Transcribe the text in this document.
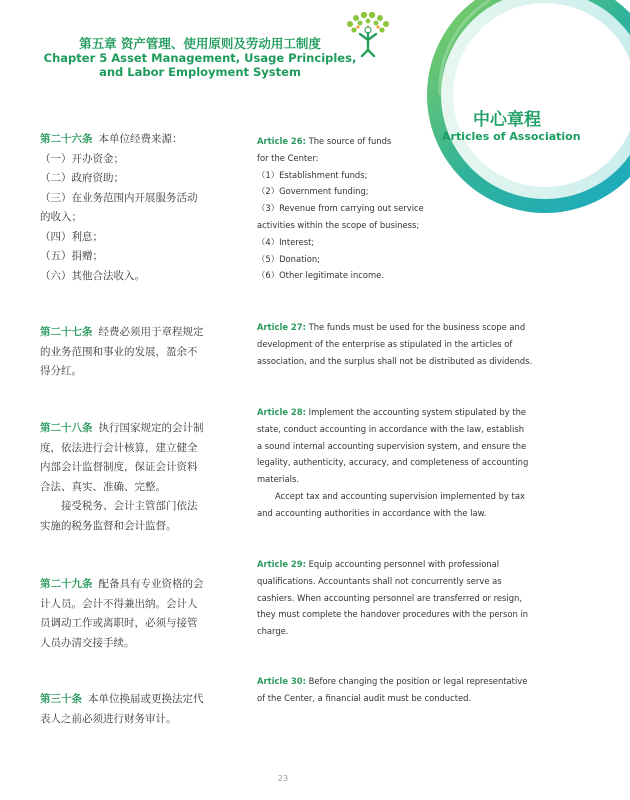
第五章 资产管理、使用原则及劳动用工制度
Chapter 5 Asset Management, Usage Principles,
and Labor Employment System
中心章程
Articles of Association
第二十六条 本单位经费来源：
（一）开办资金；
（二）政府资助；
（三）在业务范围内开展服务活动
的收入；
（四）利息；
（五）捐赠；
（六）其他合法收入。
Article 26: The source of funds
for the Center:
（1）Establishment funds;
（2）Government funding;
（3）Revenue from carrying out service
activities within the scope of business;
（4）Interest;
（5）Donation;
（6）Other legitimate income.
第二十七条 经费必须用于章程规定
的业务范围和事业的发展，盈余不
得分红。
Article 27: The funds must be used for the business scope and
development of the enterprise as stipulated in the articles of
association, and the surplus shall not be distributed as dividends.
第二十八条 执行国家规定的会计制
度，依法进行会计核算，建立健全
内部会计监督制度，保证会计资料
合法、真实、准确、完整。
接受税务、会计主管部门依法
实施的税务监督和会计监督。
Article 28: Implement the accounting system stipulated by the
state, conduct accounting in accordance with the law, establish
a sound internal accounting supervision system, and ensure the
legality, authenticity, accuracy, and completeness of accounting
materials.
Accept tax and accounting supervision implemented by tax
and accounting authorities in accordance with the law.
第二十九条 配备具有专业资格的会
计人员。会计不得兼出纳。会计人
员调动工作或离职时，必须与接管
人员办清交接手续。
Article 29: Equip accounting personnel with professional
qualifications. Accountants shall not concurrently serve as
cashiers. When accounting personnel are transferred or resign,
they must complete the handover procedures with the person in
charge.
第三十条 本单位换届或更换法定代
表人之前必须进行财务审计。
Article 30: Before changing the position or legal representative
of the Center, a financial audit must be conducted.
23
